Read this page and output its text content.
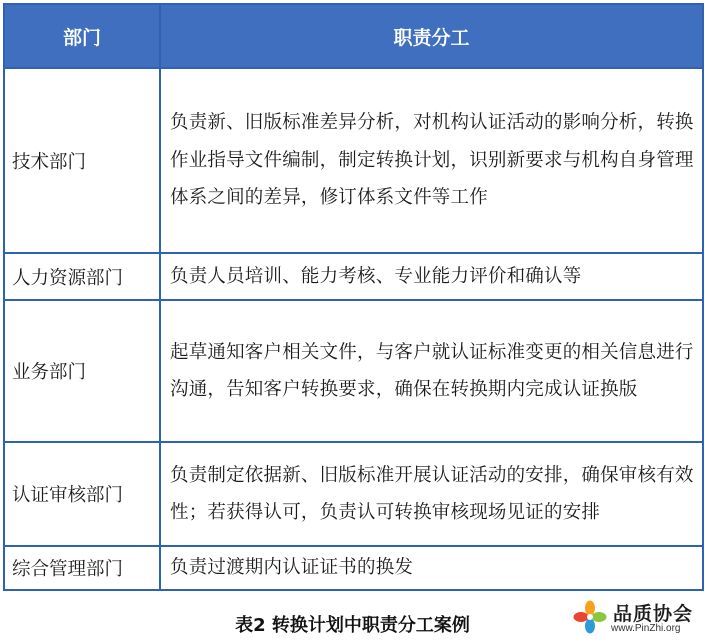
部门	职责分工
技术部门	负责新、旧版标准差异分析，对机构认证活动的影响分析，转换作业指导文件编制，制定转换计划，识别新要求与机构自身管理体系之间的差异，修订体系文件等工作
人力资源部门	负责人员培训、能力考核、专业能力评价和确认等
业务部门	起草通知客户相关文件，与客户就认证标准变更的相关信息进行沟通，告知客户转换要求，确保在转换期内完成认证换版
认证审核部门	负责制定依据新、旧版标准开展认证活动的安排，确保审核有效性；若获得认可，负责认可转换审核现场见证的安排
综合管理部门	负责过渡期内认证证书的换发
表2 转换计划中职责分工案例
品质协会
www.PinZhi.org
